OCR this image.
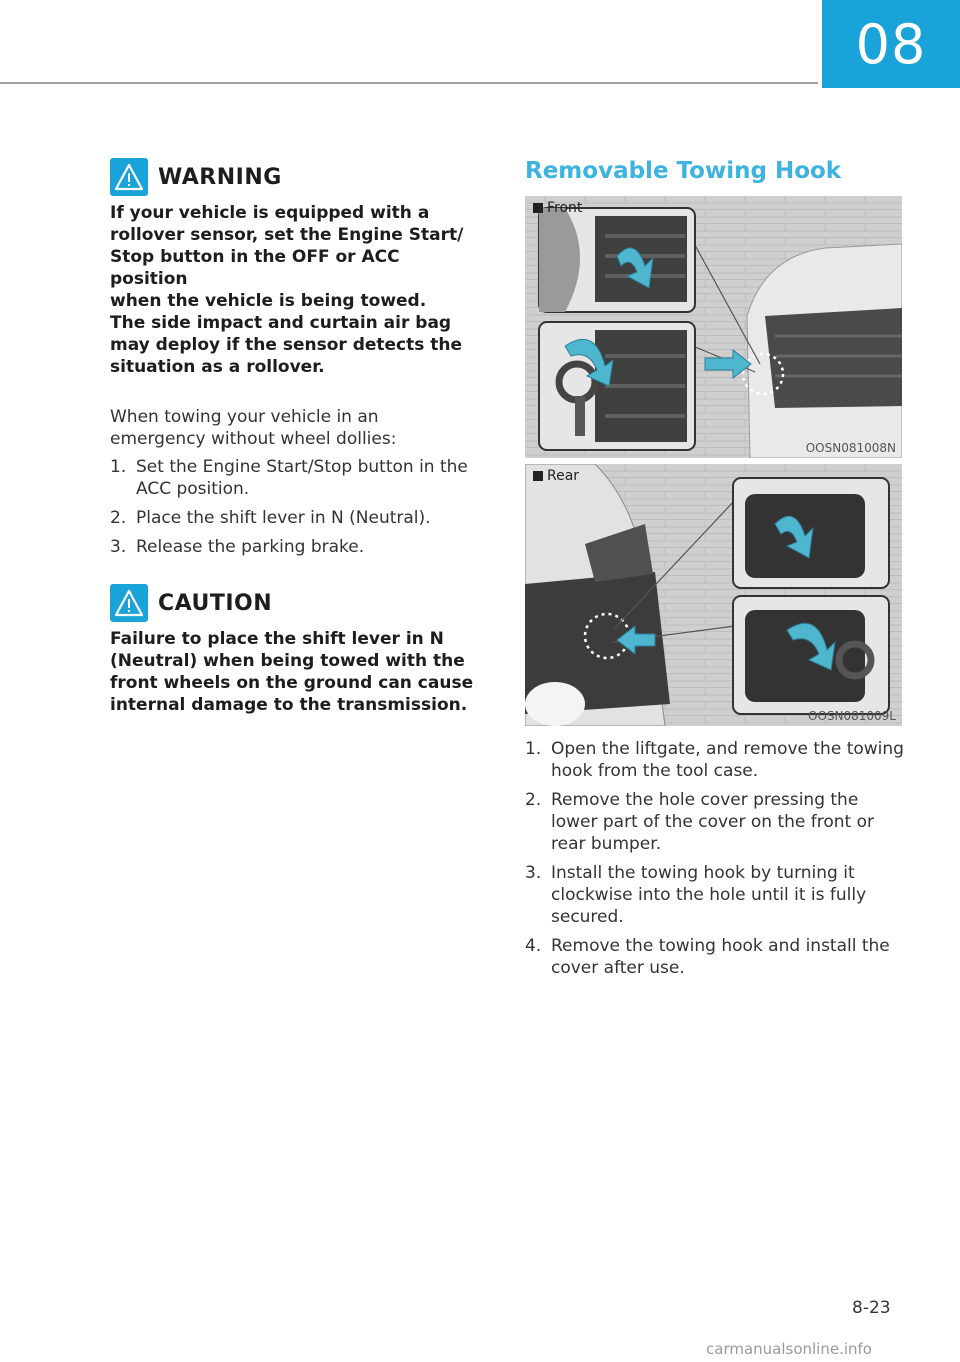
08
WARNING

If your vehicle is equipped with a

rollover sensor, set the Engine Start/

Stop button in the OFF or ACC position

when the vehicle is being towed.

The side impact and curtain air bag

may deploy if the sensor detects the

situation as a rollover.

When towing your vehicle in an

emergency without wheel dollies:

1. Set the Engine Start/Stop button in the ACC position.
2. Place the shift lever in N (Neutral).
3. Release the parking brake.
CAUTION

Failure to place the shift lever in N

(Neutral) when being towed with the

front wheels on the ground can cause

internal damage to the transmission.

Removable Towing Hook
Front
OOSN081008N
Rear
OOSN081009L
1. Open the liftgate, and remove the towing hook from the tool case.
2. Remove the hole cover pressing the lower part of the cover on the front or rear bumper.
3. Install the towing hook by turning it clockwise into the hole until it is fully secured.
4. Remove the towing hook and install the cover after use.
8-23
carmanualsonline.info
